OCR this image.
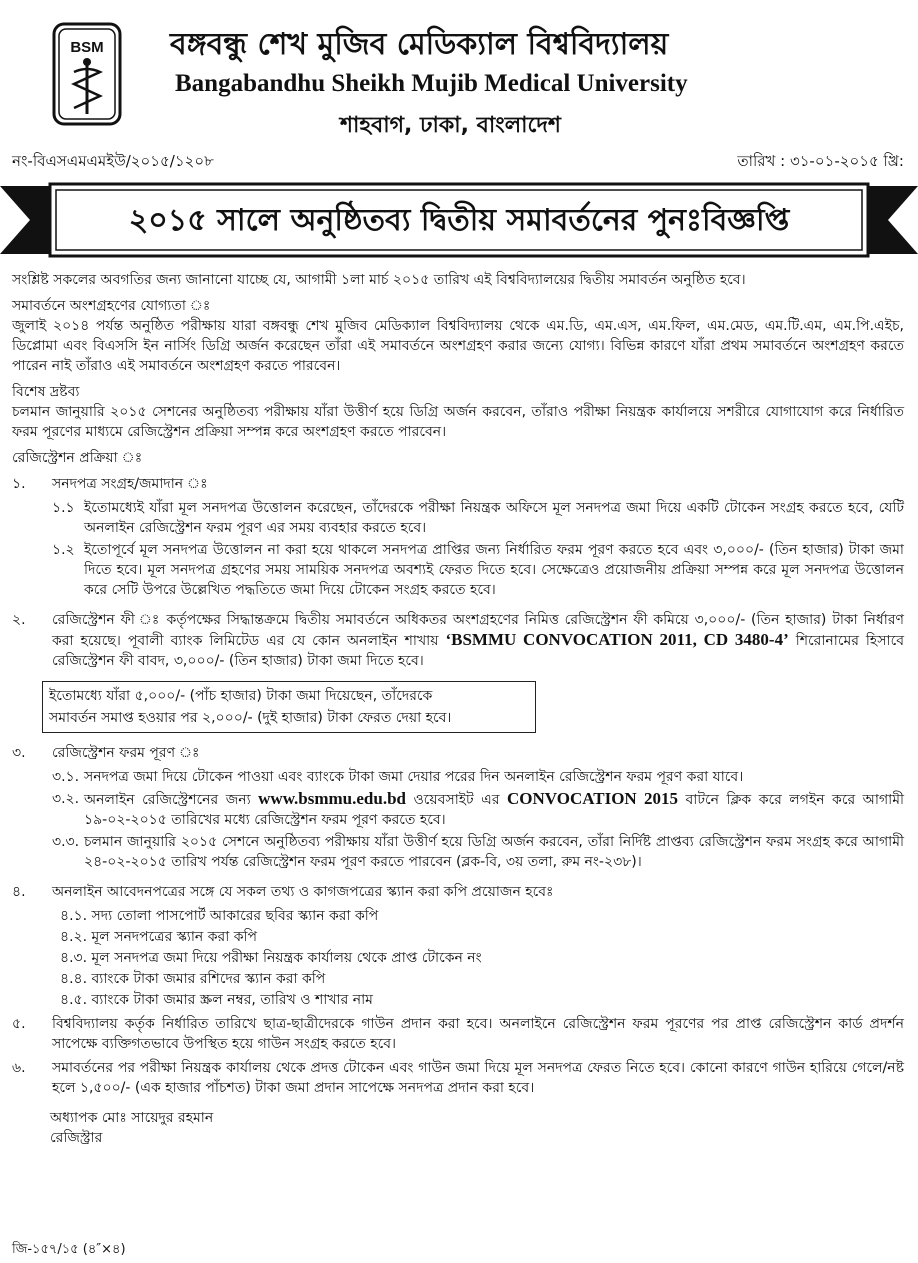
BSM বঙ্গবন্ধু শেখ মুজিব মেডিক্যাল বিশ্ববিদ্যালয়
Bangabandhu Sheikh Mujib Medical University
শাহবাগ, ঢাকা, বাংলাদেশ
নং-বিএসএমএমইউ/২০১৫/১২০৮	তারিখ : ৩১-০১-২০১৫ খ্রি:
২০১৫ সালে অনুষ্ঠিতব্য দ্বিতীয় সমাবর্তনের পুনঃবিজ্ঞপ্তি

সংশ্লিষ্ট সকলের অবগতির জন্য জানানো যাচ্ছে যে, আগামী ১লা মার্চ ২০১৫ তারিখ এই বিশ্ববিদ্যালয়ের দ্বিতীয় সমাবর্তন অনুষ্ঠিত হবে।

সমাবর্তনে অংশগ্রহণের যোগ্যতা ঃ

জুলাই ২০১৪ পর্যন্ত অনুষ্ঠিত পরীক্ষায় যারা বঙ্গবন্ধু শেখ মুজিব মেডিক্যাল বিশ্ববিদ্যালয় থেকে এম.ডি, এম.এস, এম.ফিল, এম.মেড, এম.টি.এম, এম.পি.এইচ, ডিপ্লোমা এবং বিএসসি ইন নার্সিং ডিগ্রি অর্জন করেছেন তাঁরা এই সমাবর্তনে অংশগ্রহণ করার জন্যে যোগ্য। বিভিন্ন কারণে যাঁরা প্রথম সমাবর্তনে অংশগ্রহণ করতে পারেন নাই তাঁরাও এই সমাবর্তনে অংশগ্রহণ করতে পারবেন।

বিশেষ দ্রষ্টব্য

চলমান জানুয়ারি ২০১৫ সেশনের অনুষ্ঠিতব্য পরীক্ষায় যাঁরা উত্তীর্ণ হয়ে ডিগ্রি অর্জন করবেন, তাঁরাও পরীক্ষা নিয়ন্ত্রক কার্যালয়ে সশরীরে যোগাযোগ করে নির্ধারিত ফরম পূরণের মাধ্যমে রেজিস্ট্রেশন প্রক্রিয়া সম্পন্ন করে অংশগ্রহণ করতে পারবেন।

রেজিস্ট্রেশন প্রক্রিয়া ঃ

১.	সনদপত্র সংগ্রহ/জমাদান ঃ
১.১ ইতোমধ্যেই যাঁরা মূল সনদপত্র উত্তোলন করেছেন, তাঁদেরকে পরীক্ষা নিয়ন্ত্রক অফিসে মূল সনদপত্র জমা দিয়ে একটি টোকেন সংগ্রহ করতে হবে, যেটি অনলাইন রেজিস্ট্রেশন ফরম পূরণ এর সময় ব্যবহার করতে হবে।
১.২ ইতোপূর্বে মূল সনদপত্র উত্তোলন না করা হয়ে থাকলে সনদপত্র প্রাপ্তির জন্য নির্ধারিত ফরম পূরণ করতে হবে এবং ৩,০০০/- (তিন হাজার) টাকা জমা দিতে হবে। মূল সনদপত্র গ্রহণের সময় সাময়িক সনদপত্র অবশ্যই ফেরত দিতে হবে। সেক্ষেত্রেও প্রয়োজনীয় প্রক্রিয়া সম্পন্ন করে মূল সনদপত্র উত্তোলন করে সেটি উপরে উল্লেখিত পদ্ধতিতে জমা দিয়ে টোকেন সংগ্রহ করতে হবে।
২.	রেজিস্ট্রেশন ফী ঃ কর্তৃপক্ষের সিদ্ধান্তক্রমে দ্বিতীয় সমাবর্তনে অধিকতর অংশগ্রহণের নিমিত্ত রেজিস্ট্রেশন ফী কমিয়ে ৩,০০০/- (তিন হাজার) টাকা নির্ধারণ করা হয়েছে। পূবালী ব্যাংক লিমিটেড এর যে কোন অনলাইন শাখায় ‘BSMMU CONVOCATION 2011, CD 3480-4’ শিরোনামের হিসাবে রেজিস্ট্রেশন ফী বাবদ, ৩,০০০/- (তিন হাজার) টাকা জমা দিতে হবে।
ইতোমধ্যে যাঁরা ৫,০০০/- (পাঁচ হাজার) টাকা জমা দিয়েছেন, তাঁদেরকে
সমাবর্তন সমাপ্ত হওয়ার পর ২,০০০/- (দুই হাজার) টাকা ফেরত দেয়া হবে।
৩.	রেজিস্ট্রেশন ফরম পূরণ ঃ
৩.১. সনদপত্র জমা দিয়ে টোকেন পাওয়া এবং ব্যাংকে টাকা জমা দেয়ার পরের দিন অনলাইন রেজিস্ট্রেশন ফরম পূরণ করা যাবে।
৩.২. অনলাইন রেজিস্ট্রেশনের জন্য www.bsmmu.edu.bd ওয়েবসাইট এর CONVOCATION 2015 বাটনে ক্লিক করে লগইন করে আগামী ১৯-০২-২০১৫ তারিখের মধ্যে রেজিস্ট্রেশন ফরম পূরণ করতে হবে।
৩.৩. চলমান জানুয়ারি ২০১৫ সেশনে অনুষ্ঠিতব্য পরীক্ষায় যাঁরা উত্তীর্ণ হয়ে ডিগ্রি অর্জন করবেন, তাঁরা নির্দিষ্ট প্রাপ্তব্য রেজিস্ট্রেশন ফরম সংগ্রহ করে আগামী ২৪-০২-২০১৫ তারিখ পর্যন্ত রেজিস্ট্রেশন ফরম পূরণ করতে পারবেন (ব্লক-বি, ৩য় তলা, রুম নং-২৩৮)।
৪.	অনলাইন আবেদনপত্রের সঙ্গে যে সকল তথ্য ও কাগজপত্রের স্ক্যান করা কপি প্রয়োজন হবেঃ
৪.১. সদ্য তোলা পাসপোর্ট আকারের ছবির স্ক্যান করা কপি
৪.২. মূল সনদপত্রের স্ক্যান করা কপি
৪.৩. মূল সনদপত্র জমা দিয়ে পরীক্ষা নিয়ন্ত্রক কার্যালয় থেকে প্রাপ্ত টোকেন নং
৪.৪. ব্যাংকে টাকা জমার রশিদের স্ক্যান করা কপি
৪.৫. ব্যাংকে টাকা জমার স্ক্রল নম্বর, তারিখ ও শাখার নাম
৫.	বিশ্ববিদ্যালয় কর্তৃক নির্ধারিত তারিখে ছাত্র-ছাত্রীদেরকে গাউন প্রদান করা হবে। অনলাইনে রেজিস্ট্রেশন ফরম পূরণের পর প্রাপ্ত রেজিস্ট্রেশন কার্ড প্রদর্শন সাপেক্ষে ব্যক্তিগতভাবে উপস্থিত হয়ে গাউন সংগ্রহ করতে হবে।
৬.	সমাবর্তনের পর পরীক্ষা নিয়ন্ত্রক কার্যালয় থেকে প্রদত্ত টোকেন এবং গাউন জমা দিয়ে মূল সনদপত্র ফেরত নিতে হবে। কোনো কারণে গাউন হারিয়ে গেলে/নষ্ট হলে ১,৫০০/- (এক হাজার পাঁচশত) টাকা জমা প্রদান সাপেক্ষে সনদপত্র প্রদান করা হবে।
অধ্যাপক মোঃ সায়েদুর রহমান
রেজিস্ট্রার
জি-১৫৭/১৫ (৪″×৪)
